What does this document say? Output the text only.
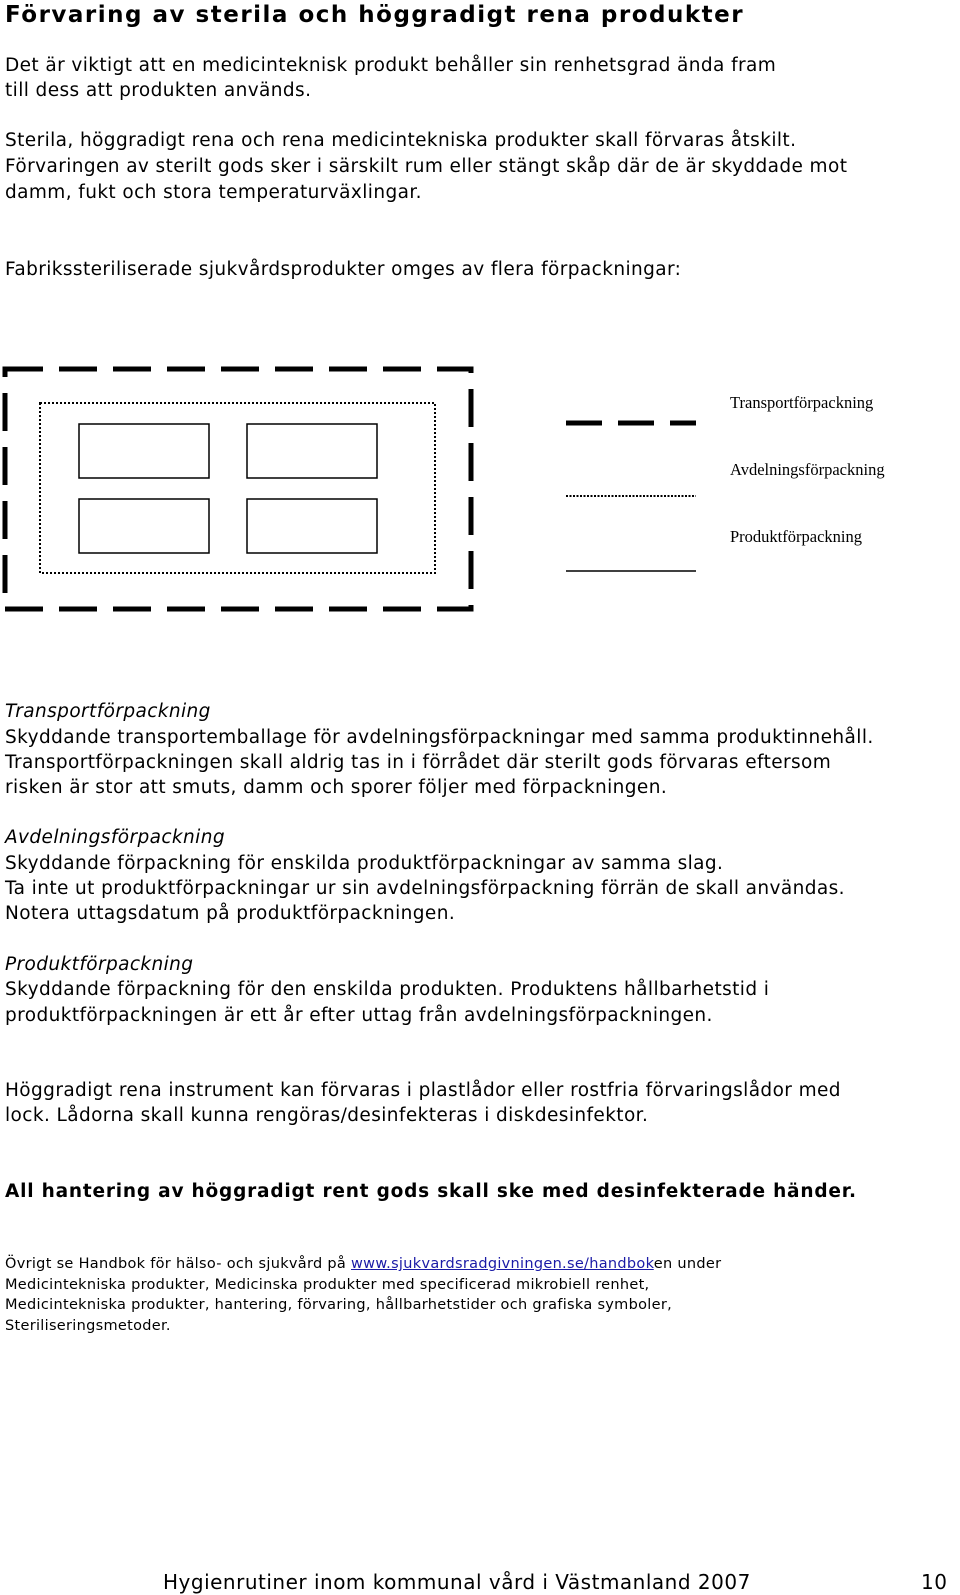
Förvaring av sterila och höggradigt rena produkter

Det är viktigt att en medicinteknisk produkt behåller sin renhetsgrad ända fram

till dess att produkten används.

Sterila, höggradigt rena och rena medicintekniska produkter skall förvaras åtskilt.

Förvaringen av sterilt gods sker i särskilt rum eller stängt skåp där de är skyddade mot

damm, fukt och stora temperaturväxlingar.

Fabrikssteriliserade sjukvårdsprodukter omges av flera förpackningar:

Transportförpackning
Avdelningsförpackning
Produktförpackning

Transportförpackning

Skyddande transportemballage för avdelningsförpackningar med samma produktinnehåll.

Transportförpackningen skall aldrig tas in i förrådet där sterilt gods förvaras eftersom

risken är stor att smuts, damm och sporer följer med förpackningen.

Avdelningsförpackning

Skyddande förpackning för enskilda produktförpackningar av samma slag.

Ta inte ut produktförpackningar ur sin avdelningsförpackning förrän de skall användas.

Notera uttagsdatum på produktförpackningen.

Produktförpackning

Skyddande förpackning för den enskilda produkten. Produktens hållbarhetstid i

produktförpackningen är ett år efter uttag från avdelningsförpackningen.

Höggradigt rena instrument kan förvaras i plastlådor eller rostfria förvaringslådor med

lock. Lådorna skall kunna rengöras/desinfekteras i diskdesinfektor.

All hantering av höggradigt rent gods skall ske med desinfekterade händer.

Övrigt se Handbok för hälso- och sjukvård på www.sjukvardsradgivningen.se/handboken under

Medicintekniska produkter, Medicinska produkter med specificerad mikrobiell renhet,

Medicintekniska produkter, hantering, förvaring, hållbarhetstider och grafiska symboler,

Steriliseringsmetoder.

Hygienrutiner inom kommunal vård i Västmanland 2007	10
